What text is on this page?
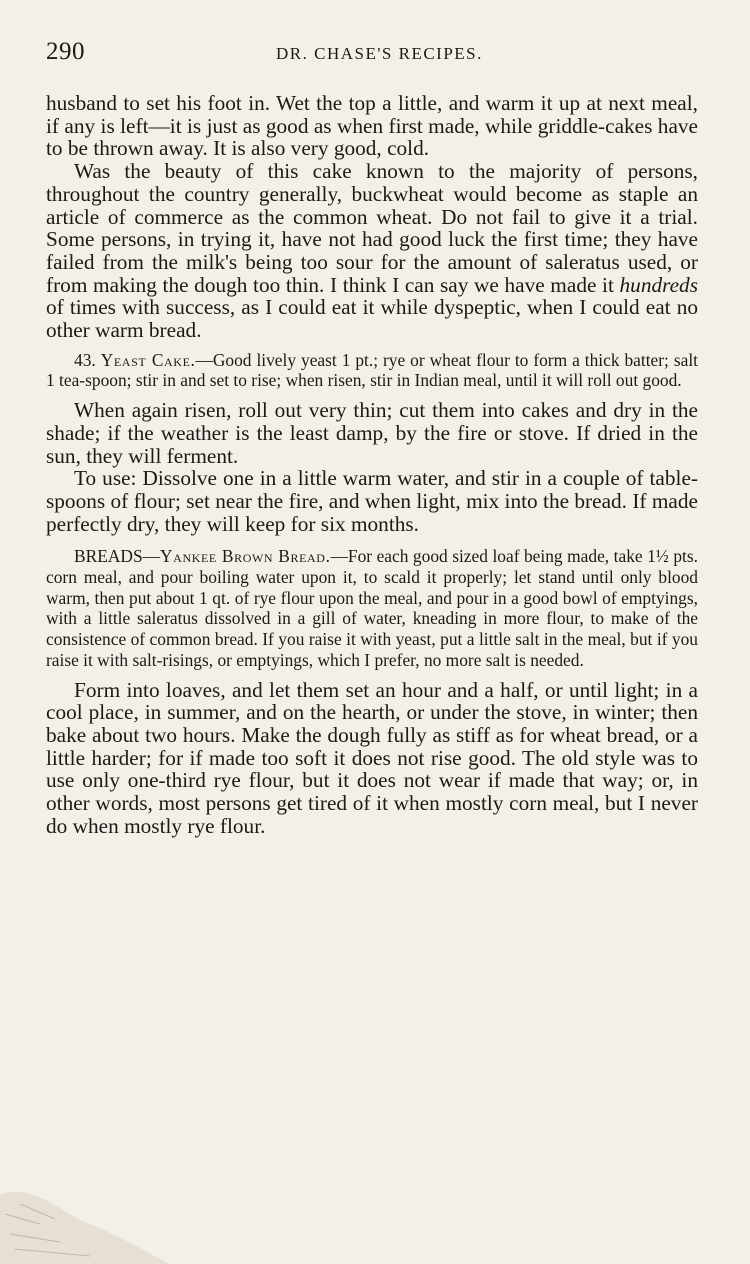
290	DR. CHASE'S RECIPES.

husband to set his foot in. Wet the top a little, and warm it up at next meal, if any is left—it is just as good as when first made, while griddle-cakes have to be thrown away. It is also very good, cold.

Was the beauty of this cake known to the majority of persons, throughout the country generally, buckwheat would become as staple an article of commerce as the common wheat. Do not fail to give it a trial. Some persons, in trying it, have not had good luck the first time; they have failed from the milk's being too sour for the amount of saleratus used, or from making the dough too thin. I think I can say we have made it hundreds of times with success, as I could eat it while dyspeptic, when I could eat no other warm bread.

43. Yeast Cake.—Good lively yeast 1 pt.; rye or wheat flour to form a thick batter; salt 1 tea-spoon; stir in and set to rise; when risen, stir in Indian meal, until it will roll out good.

When again risen, roll out very thin; cut them into cakes and dry in the shade; if the weather is the least damp, by the fire or stove. If dried in the sun, they will ferment.

To use: Dissolve one in a little warm water, and stir in a couple of table-spoons of flour; set near the fire, and when light, mix into the bread. If made perfectly dry, they will keep for six months.

BREADS—Yankee Brown Bread.—For each good sized loaf being made, take 1½ pts. corn meal, and pour boiling water upon it, to scald it properly; let stand until only blood warm, then put about 1 qt. of rye flour upon the meal, and pour in a good bowl of emptyings, with a little saleratus dissolved in a gill of water, kneading in more flour, to make of the consistence of common bread. If you raise it with yeast, put a little salt in the meal, but if you raise it with salt-risings, or emptyings, which I prefer, no more salt is needed.

Form into loaves, and let them set an hour and a half, or until light; in a cool place, in summer, and on the hearth, or under the stove, in winter; then bake about two hours. Make the dough fully as stiff as for wheat bread, or a little harder; for if made too soft it does not rise good. The old style was to use only one-third rye flour, but it does not wear if made that way; or, in other words, most persons get tired of it when mostly corn meal, but I never do when mostly rye flour.
